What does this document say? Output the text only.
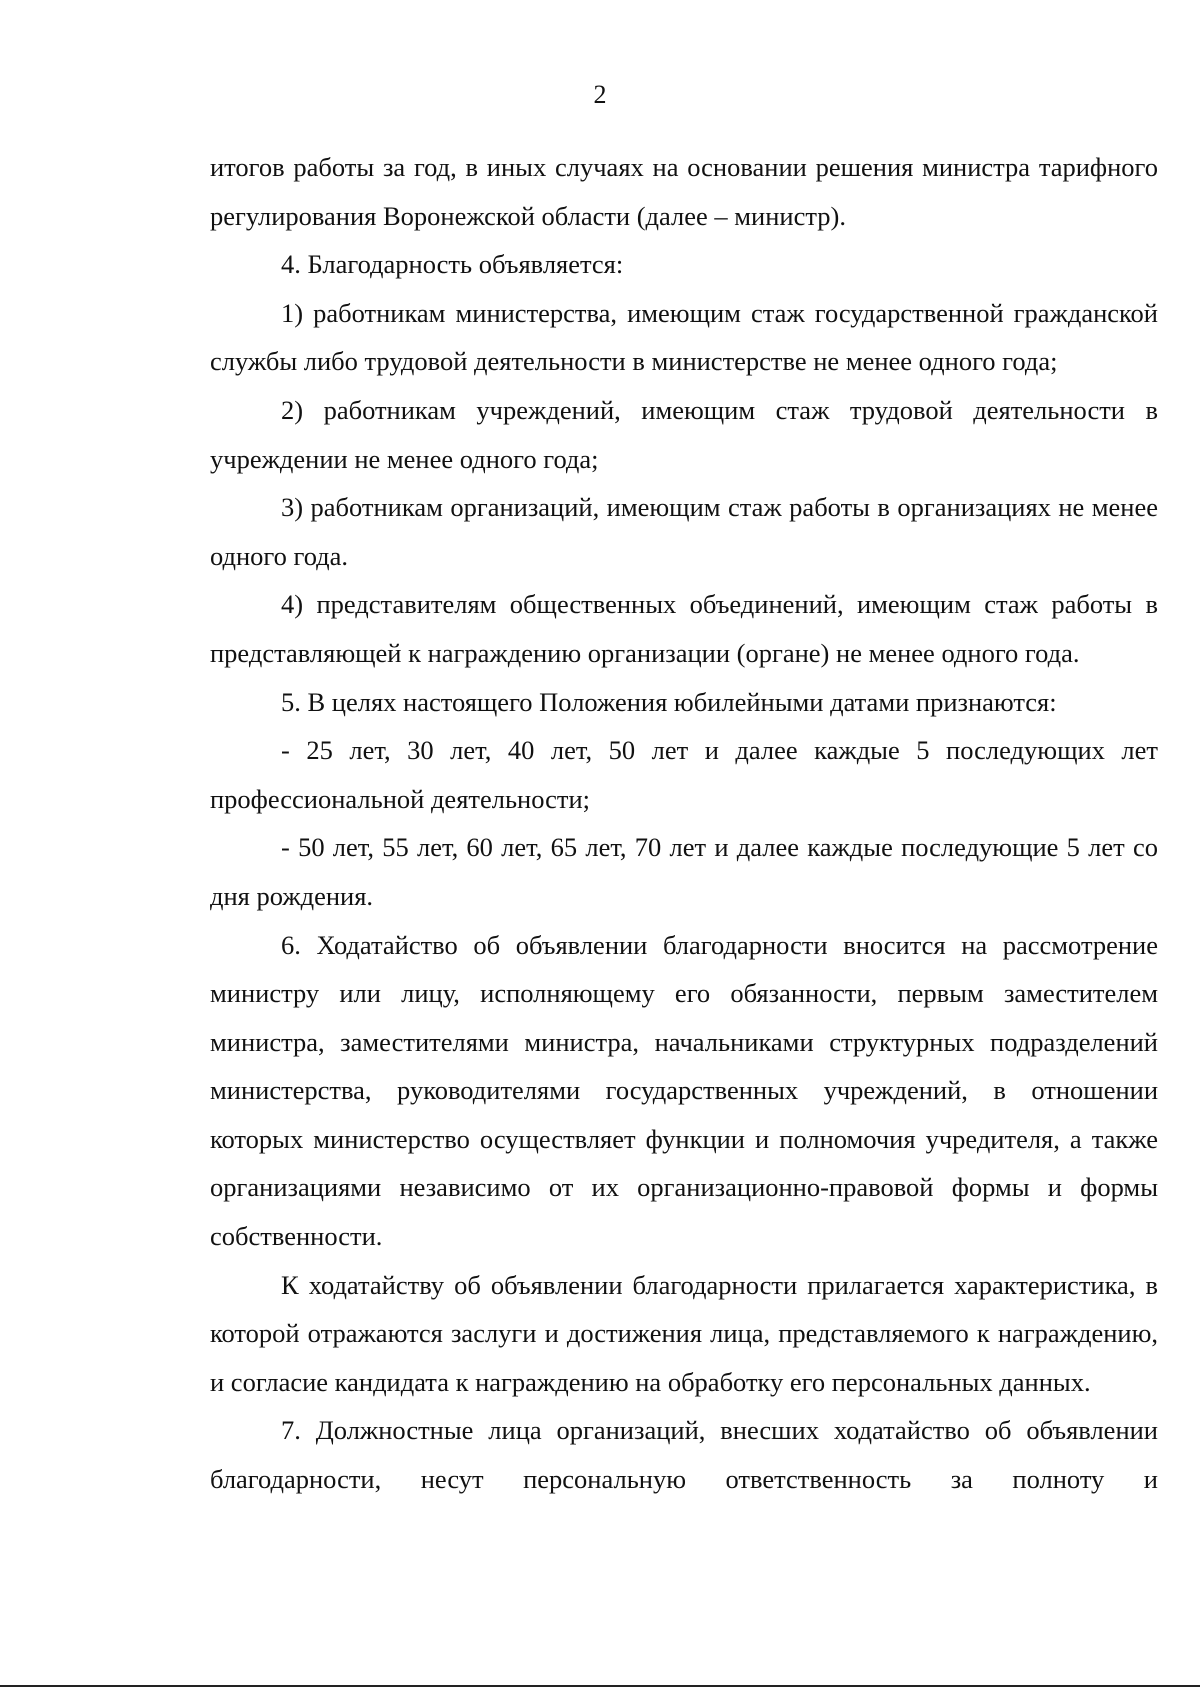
2

итогов работы за год, в иных случаях на основании решения министра тарифного регулирования Воронежской области (далее – министр).

4. Благодарность объявляется:

1) работникам министерства, имеющим стаж государственной гражданской службы либо трудовой деятельности в министерстве не менее одного года;

2) работникам учреждений, имеющим стаж трудовой деятельности в учреждении не менее одного года;

3) работникам организаций, имеющим стаж работы в организациях не менее одного года.

4) представителям общественных объединений, имеющим стаж работы в представляющей к награждению организации (органе) не менее одного года.

5. В целях настоящего Положения юбилейными датами признаются:

- 25 лет, 30 лет, 40 лет, 50 лет и далее каждые 5 последующих лет профессиональной деятельности;

- 50 лет, 55 лет, 60 лет, 65 лет, 70 лет и далее каждые последующие 5 лет со дня рождения.

6. Ходатайство об объявлении благодарности вносится на рассмотрение министру или лицу, исполняющему его обязанности, первым заместителем министра, заместителями министра, начальниками структурных подразделений министерства, руководителями государственных учреждений, в отношении которых министерство осуществляет функции и полномочия учредителя, а также организациями независимо от их организационно-правовой формы и формы собственности.

К ходатайству об объявлении благодарности прилагается характеристика, в которой отражаются заслуги и достижения лица, представляемого к награждению, и согласие кандидата к награждению на обработку его персональных данных.

7. Должностные лица организаций, внесших ходатайство об объявлении благодарности, несут персональную ответственность за полноту и
